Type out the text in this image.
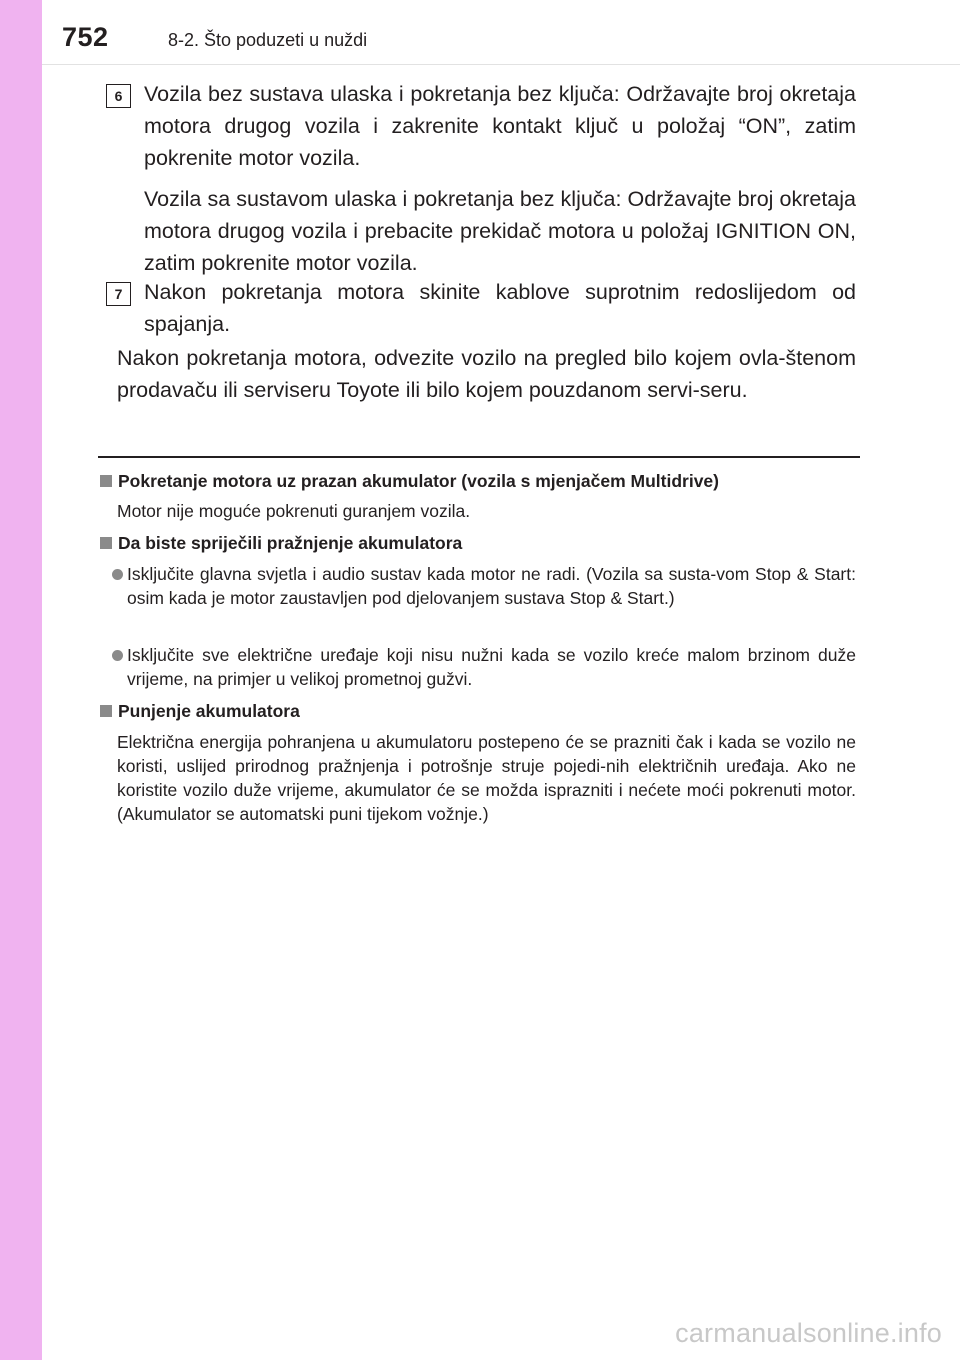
752	8-2. Što poduzeti u nuždi
6	Vozila bez sustava ulaska i pokretanja bez ključa: Održavajte broj okretaja motora drugog vozila i zakrenite kontakt ključ u položaj “ON”, zatim pokrenite motor vozila.

Vozila sa sustavom ulaska i pokretanja bez ključa: Održavajte broj okretaja motora drugog vozila i prebacite prekidač motora u položaj IGNITION ON, zatim pokrenite motor vozila.

7	Nakon pokretanja motora skinite kablove suprotnim redoslijedom od spajanja.

Nakon pokretanja motora, odvezite vozilo na pregled bilo kojem ovla-štenom prodavaču ili serviseru Toyote ili bilo kojem pouzdanom servi-seru.

Pokretanje motora uz prazan akumulator (vozila s mjenjačem Multidrive)

Motor nije moguće pokrenuti guranjem vozila.

Da biste spriječili pražnjenje akumulatora
Isključite glavna svjetla i audio sustav kada motor ne radi. (Vozila sa susta-vom Stop & Start: osim kada je motor zaustavljen pod djelovanjem sustava Stop & Start.)
Isključite sve električne uređaje koji nisu nužni kada se vozilo kreće malom brzinom duže vrijeme, na primjer u velikoj prometnoj gužvi.
Punjenje akumulatora

Električna energija pohranjena u akumulatoru postepeno će se prazniti čak i kada se vozilo ne koristi, uslijed prirodnog pražnjenja i potrošnje struje pojedi-nih električnih uređaja. Ako ne koristite vozilo duže vrijeme, akumulator će se možda isprazniti i nećete moći pokrenuti motor. (Akumulator se automatski puni tijekom vožnje.)

carmanualsonline.info
